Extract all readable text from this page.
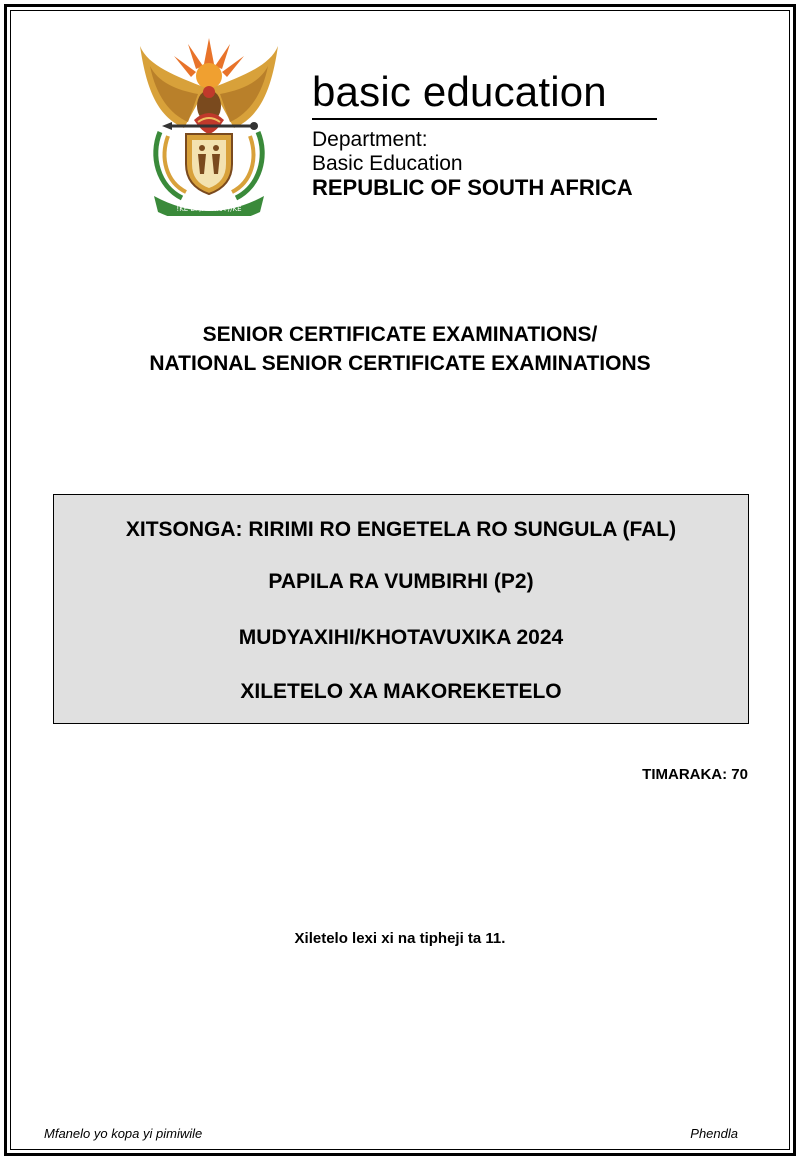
!KE E: /XARRA //KE
basic education
Department:
Basic Education
REPUBLIC OF SOUTH AFRICA
SENIOR CERTIFICATE EXAMINATIONS/
NATIONAL SENIOR CERTIFICATE EXAMINATIONS
XITSONGA: RIRIMI RO ENGETELA RO SUNGULA (FAL)
PAPILA RA VUMBIRHI (P2)
MUDYAXIHI/KHOTAVUXIKA 2024
XILETELO XA MAKOREKETELO
TIMARAKA: 70
Xiletelo lexi xi na tipheji ta 11.
Mfanelo yo kopa yi pimiwile	Phendla
